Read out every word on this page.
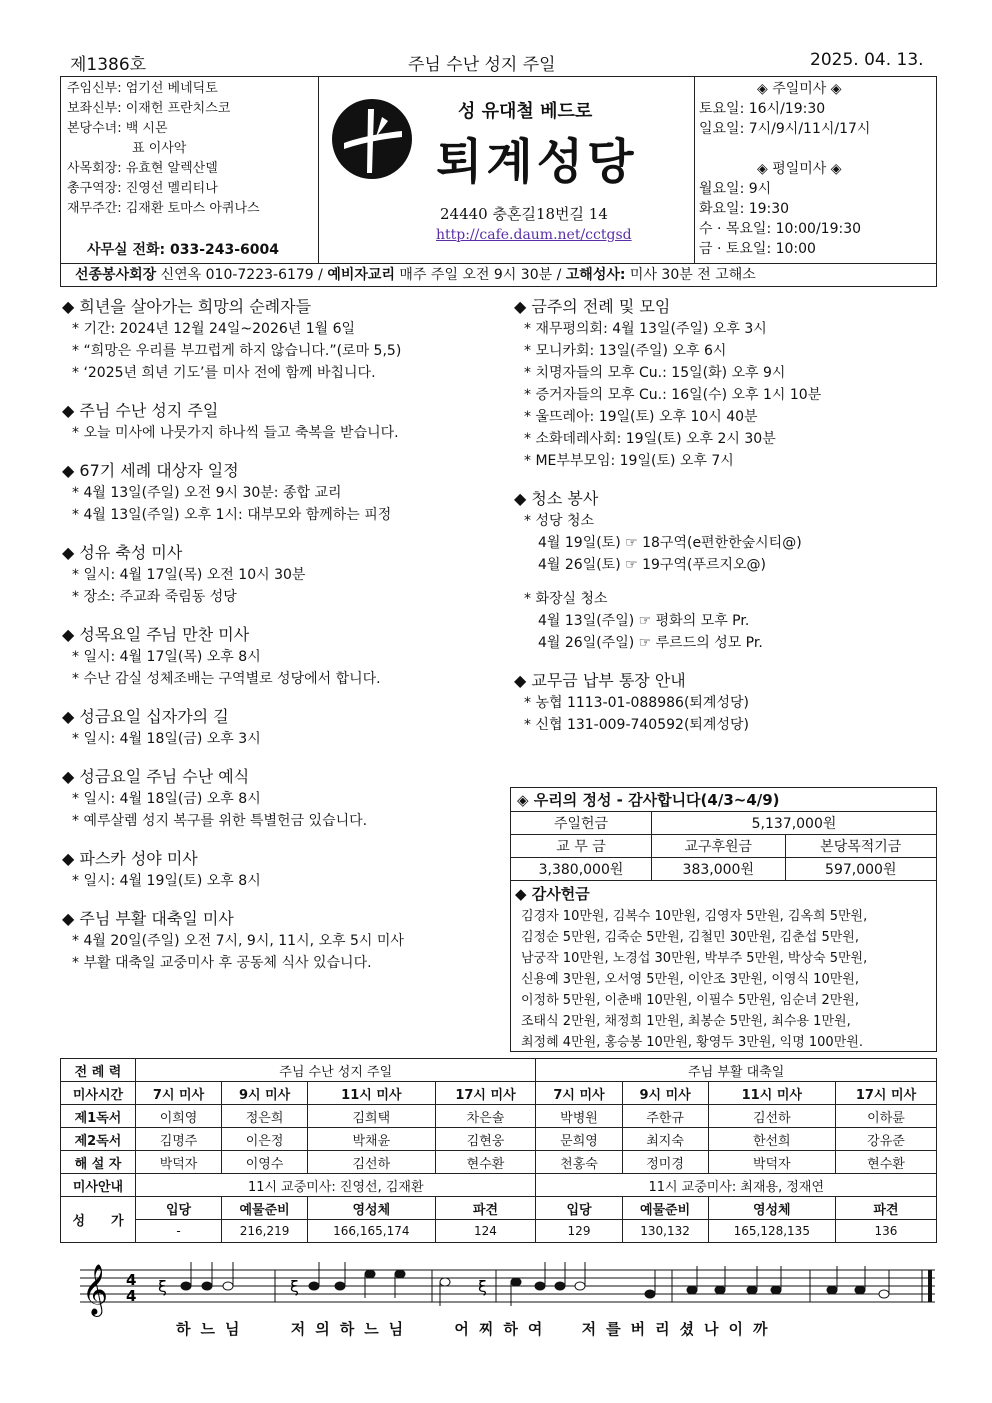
제1386호	주님 수난 성지 주일	2025. 04. 13.
주임신부: 엄기선 베네딕토
보좌신부: 이재헌 프란치스코
본당수녀: 백 시몬
　　　　　표 이사악
사목회장: 유효현 알렉산델
총구역장: 진영선 멜리티나
재무주간: 김재환 토마스 아퀴나스
사무실 전화: 033-243-6004
성 유대철 베드로
퇴계성당
24440 충혼길18번길 14
http://cafe.daum.net/cctgsd
◈ 주일미사 ◈
토요일: 16시/19:30
일요일: 7시/9시/11시/17시
◈ 평일미사 ◈
월요일: 9시
화요일: 19:30
수 · 목요일: 10:00/19:30
금 · 토요일: 10:00
선종봉사회장 신연옥 010-7223-6179 / 예비자교리 매주 주일 오전 9시 30분 / 고해성사: 미사 30분 전 고해소
◆ 희년을 살아가는 희망의 순례자들
* 기간: 2024년 12월 24일~2026년 1월 6일
* “희망은 우리를 부끄럽게 하지 않습니다.”(로마 5,5)
* ‘2025년 희년 기도’를 미사 전에 함께 바칩니다.
◆ 주님 수난 성지 주일
* 오늘 미사에 나뭇가지 하나씩 들고 축복을 받습니다.
◆ 67기 세례 대상자 일정
* 4월 13일(주일) 오전 9시 30분: 종합 교리
* 4월 13일(주일) 오후 1시: 대부모와 함께하는 피정
◆ 성유 축성 미사
* 일시: 4월 17일(목) 오전 10시 30분
* 장소: 주교좌 죽림동 성당
◆ 성목요일 주님 만찬 미사
* 일시: 4월 17일(목) 오후 8시
* 수난 감실 성체조배는 구역별로 성당에서 합니다.
◆ 성금요일 십자가의 길
* 일시: 4월 18일(금) 오후 3시
◆ 성금요일 주님 수난 예식
* 일시: 4월 18일(금) 오후 8시
* 예루살렘 성지 복구를 위한 특별헌금 있습니다.
◆ 파스카 성야 미사
* 일시: 4월 19일(토) 오후 8시
◆ 주님 부활 대축일 미사
* 4월 20일(주일) 오전 7시, 9시, 11시, 오후 5시 미사
* 부활 대축일 교중미사 후 공동체 식사 있습니다.
◆ 금주의 전례 및 모임
* 재무평의회: 4월 13일(주일) 오후 3시
* 모니카회: 13일(주일) 오후 6시
* 치명자들의 모후 Cu.: 15일(화) 오후 9시
* 증거자들의 모후 Cu.: 16일(수) 오후 1시 10분
* 울뜨레아: 19일(토) 오후 10시 40분
* 소화데레사회: 19일(토) 오후 2시 30분
* ME부부모임: 19일(토) 오후 7시
◆ 청소 봉사
* 성당 청소
4월 19일(토) ☞ 18구역(e편한한숲시티@)
4월 26일(토) ☞ 19구역(푸르지오@)
* 화장실 청소
4월 13일(주일) ☞ 평화의 모후 Pr.
4월 26일(주일) ☞ 루르드의 성모 Pr.
◆ 교무금 납부 통장 안내
* 농협 1113-01-088986(퇴계성당)
* 신협 131-009-740592(퇴계성당)
◈ 우리의 정성 - 감사합니다(4/3~4/9)
주일헌금	5,137,000원	
교 무 금	교구후원금	본당목적기금
3,380,000원	383,000원	597,000원
◆ 감사헌금
김경자 10만원, 김복수 10만원, 김영자 5만원, 김옥희 5만원,
김정순 5만원, 김죽순 5만원, 김철민 30만원, 김춘섭 5만원,
남궁작 10만원, 노경섭 30만원, 박부주 5만원, 박상숙 5만원,
신용예 3만원, 오서영 5만원, 이안조 3만원, 이영식 10만원,
이정하 5만원, 이춘배 10만원, 이필수 5만원, 임순녀 2만원,
조태식 2만원, 채정희 1만원, 최봉순 5만원, 최수용 1만원,
최정혜 4만원, 홍승봉 10만원, 황영두 3만원, 익명 100만원.
전 례 력	주님 수난 성지 주일				주님 부활 대축일			
미사시간	7시 미사	9시 미사	11시 미사	17시 미사	7시 미사	9시 미사	11시 미사	17시 미사
제1독서	이희영	정은희	김희택	차은솔	박병원	주한규	김선하	이하륜
제2독서	김명주	이은정	박채윤	김현웅	문희영	최지숙	한선희	강유준
해 설 자	박덕자	이영수	김선하	현수환	천홍숙	정미경	박덕자	현수환
미사안내	11시 교중미사: 진영선, 김재환				11시 교중미사: 최재용, 정재연			
성　　가	입당	예물준비	영성체	파견	입당	예물준비	영성체	파견
	-	216,219	166,165,174	124	129	130,132	165,128,135	136
𝄞 4
4 ξ	ξ	ξ
하느님	저의하느님	어찌하여 저를버리셨나이까
